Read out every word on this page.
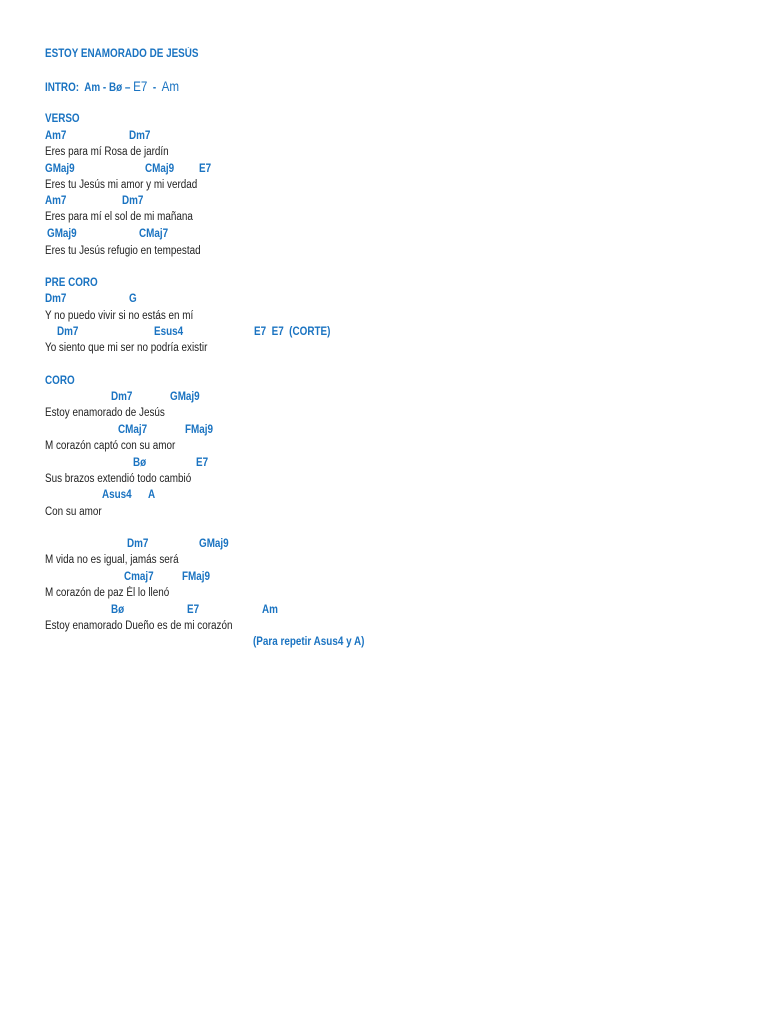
ESTOY ENAMORADO DE JESÚS
INTRO: Am - Bø – E7 - Am
VERSO
Am7	Dm7
Eres para mí Rosa de jardín
GMaj9	CMaj9 E7
Eres tu Jesús mi amor y mi verdad
Am7	Dm7
Eres para mí el sol de mi mañana
GMaj9	CMaj7
Eres tu Jesús refugio en tempestad
PRE CORO
Dm7	G
Y no puedo vivir si no estás en mí
Dm7	Esus4	E7  E7  (CORTE)
Yo siento que mi ser no podría existir
CORO
Dm7	GMaj9
Estoy enamorado de Jesús
CMaj7	FMaj9
M corazón captó con su amor
Bø	E7
Sus brazos extendió todo cambió
Asus4 A
Con su amor
Dm7	GMaj9
M vida no es igual, jamás será
Cmaj7 FMaj9
M corazón de paz Él lo llenó
Bø	E7	Am
Estoy enamorado Dueño es de mi corazón
(Para repetir Asus4 y A)
